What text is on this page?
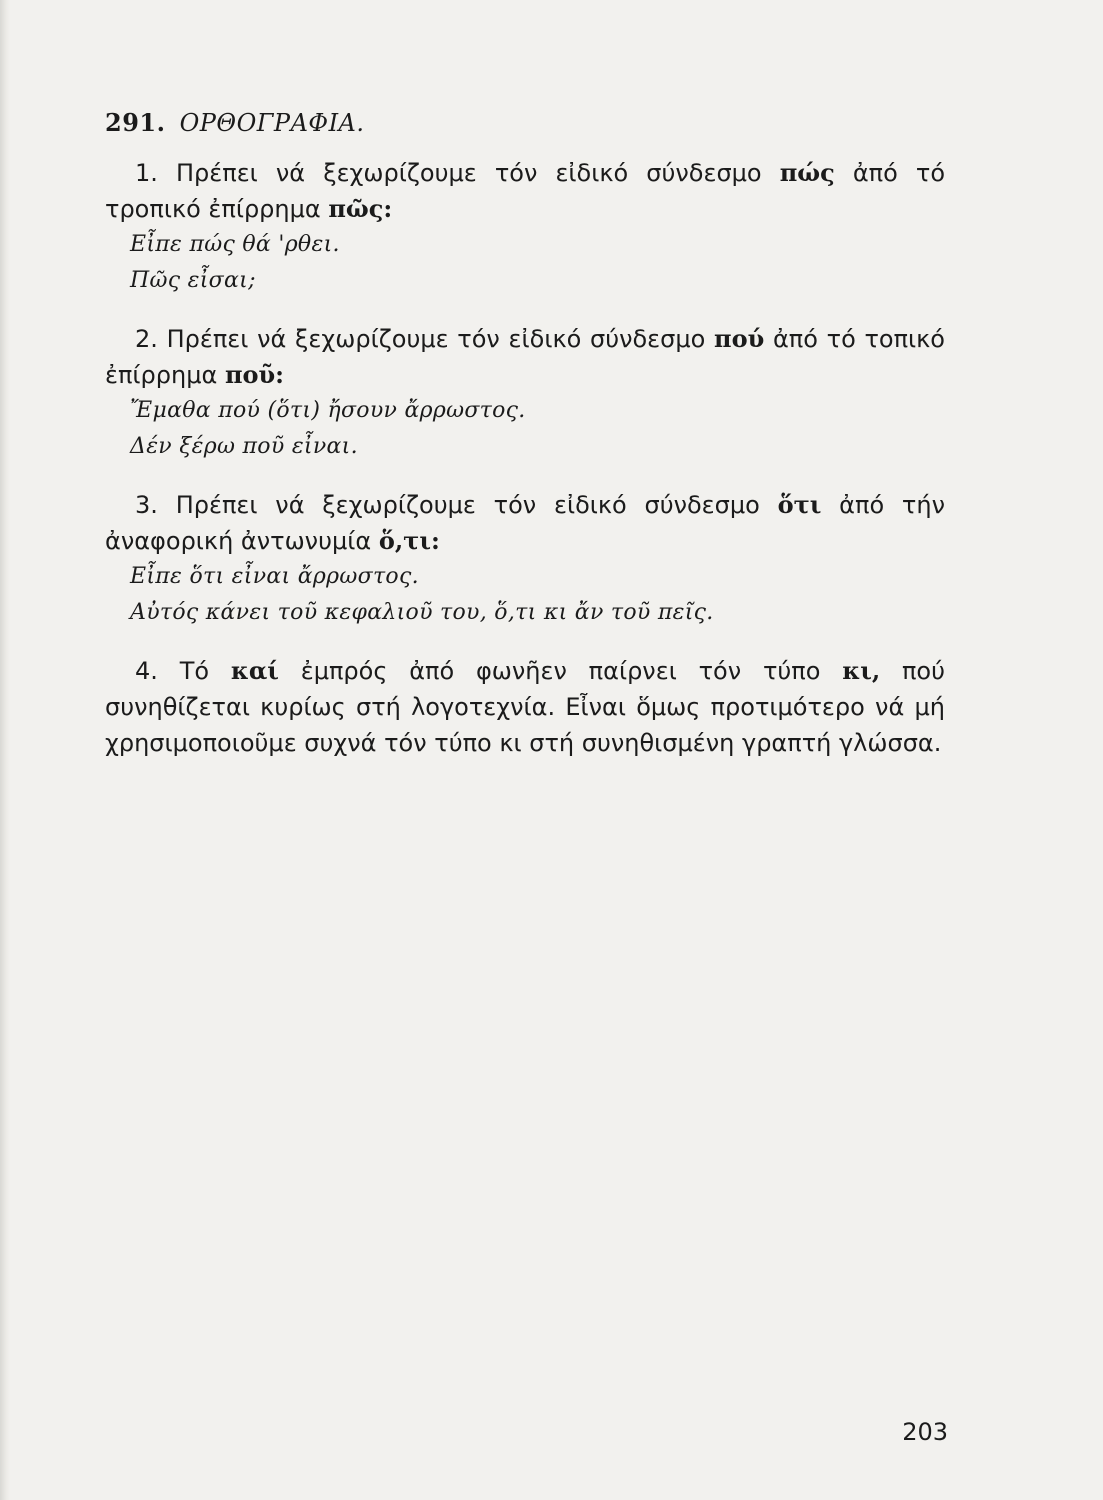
291. ΟΡΘΟΓΡΑΦΙΑ.

1. Πρέπει νά ξεχωρίζουμε τόν εἰδικό σύνδεσμο πώς ἀπό τό τροπικό ἐπίρρημα πῶς:

Εἶπε πώς θά 'ρθει.

Πῶς εἶσαι;

2. Πρέπει νά ξεχωρίζουμε τόν εἰδικό σύνδεσμο πού ἀπό τό τοπικό ἐπίρρημα ποῦ:

Ἔμαθα πού (ὅτι) ἤσουν ἄρρωστος.

Δέν ξέρω ποῦ εἶναι.

3. Πρέπει νά ξεχωρίζουμε τόν εἰδικό σύνδεσμο ὅτι ἀπό τήν ἀναφορική ἀντωνυμία ὅ,τι:

Εἶπε ὅτι εἶναι ἄρρωστος.

Αὐτός κάνει τοῦ κεφαλιοῦ του, ὅ,τι κι ἄν τοῦ πεῖς.

4. Τό καί ἐμπρός ἀπό φωνῆεν παίρνει τόν τύπο κι, πού συνηθίζεται κυρίως στή λογοτεχνία. Εἶναι ὅμως προτιμότερο νά μή χρησιμοποιοῦμε συχνά τόν τύπο κι στή συνηθισμένη γραπτή γλώσσα.

203
